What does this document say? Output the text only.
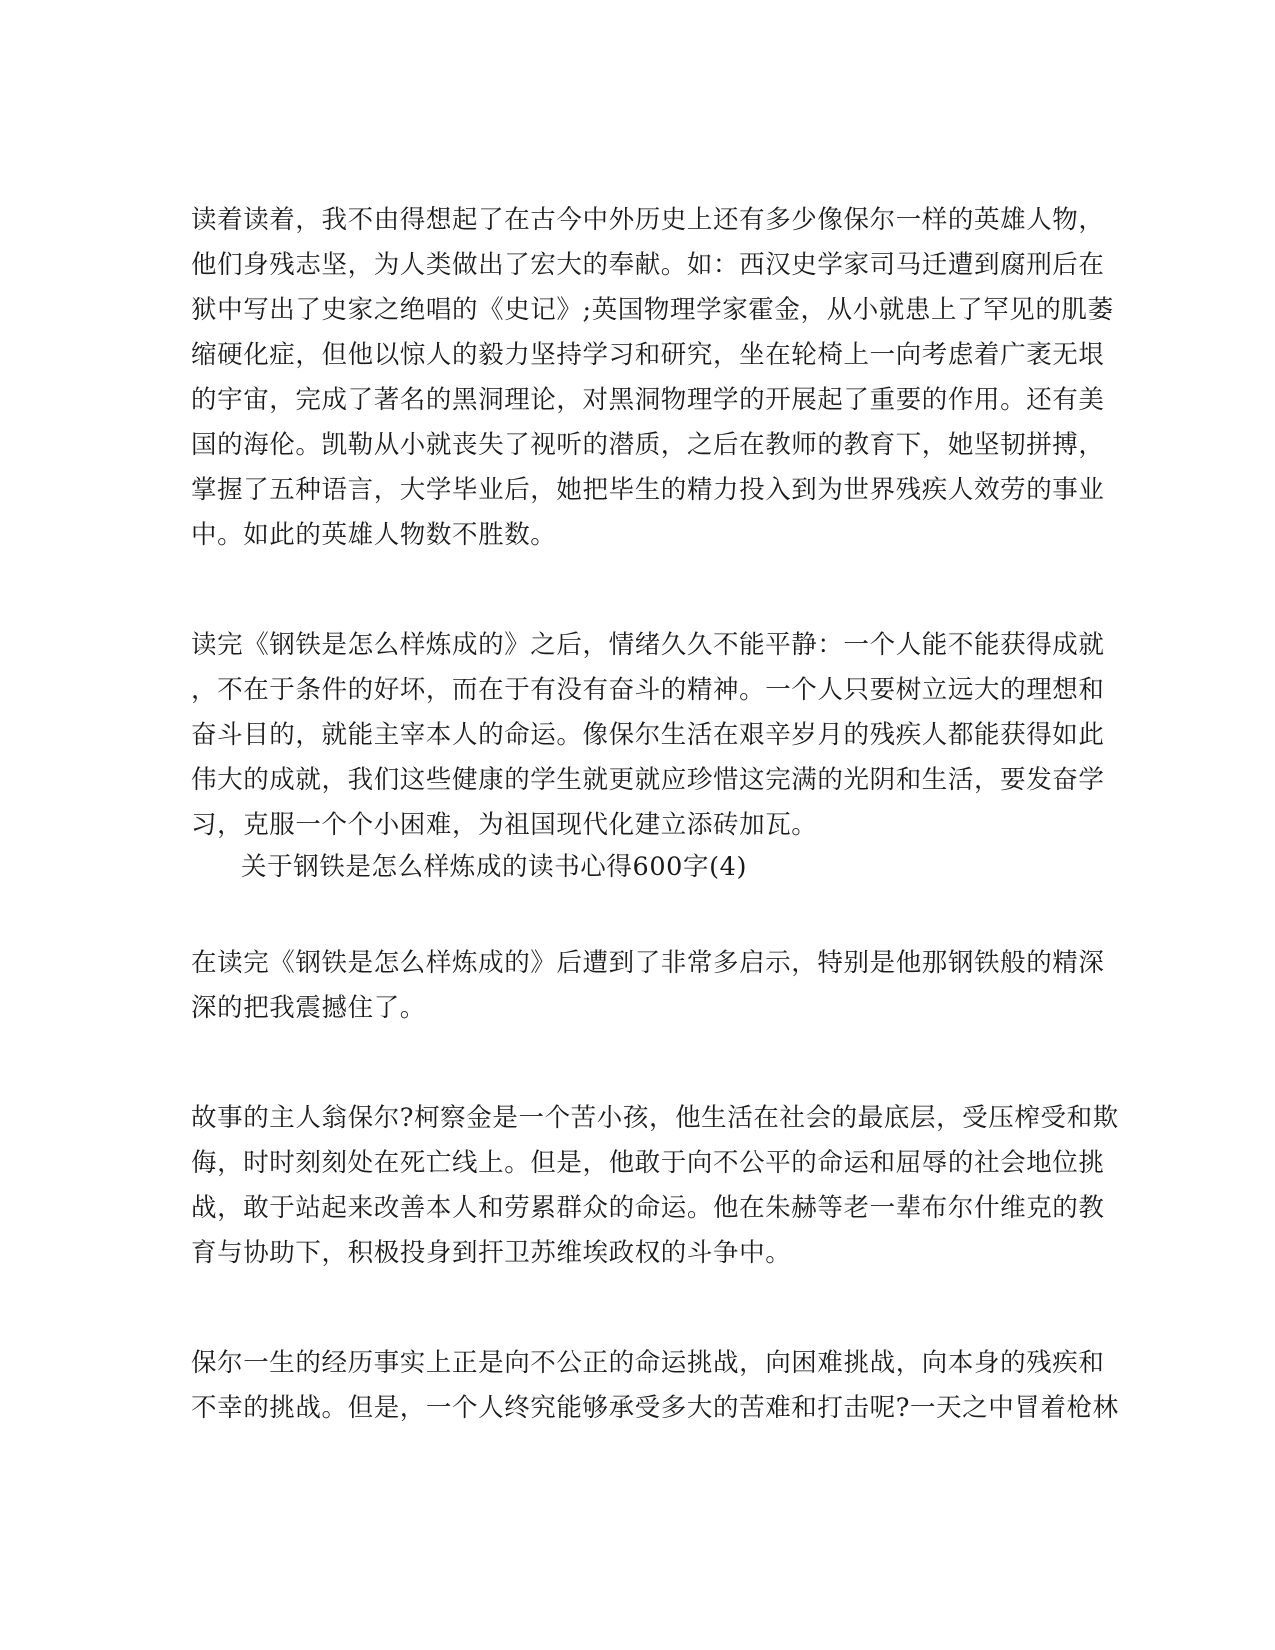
读着读着，我不由得想起了在古今中外历史上还有多少像保尔一样的英雄人物，

他们身残志坚，为人类做出了宏大的奉献。如：西汉史学家司马迁遭到腐刑后在

狱中写出了史家之绝唱的《史记》;英国物理学家霍金，从小就患上了罕见的肌萎

缩硬化症，但他以惊人的毅力坚持学习和研究，坐在轮椅上一向考虑着广袤无垠

的宇宙，完成了著名的黑洞理论，对黑洞物理学的开展起了重要的作用。还有美

国的海伦。凯勒从小就丧失了视听的潜质，之后在教师的教育下，她坚韧拼搏，

掌握了五种语言，大学毕业后，她把毕生的精力投入到为世界残疾人效劳的事业

中。如此的英雄人物数不胜数。

读完《钢铁是怎么样炼成的》之后，情绪久久不能平静：一个人能不能获得成就

，不在于条件的好坏，而在于有没有奋斗的精神。一个人只要树立远大的理想和

奋斗目的，就能主宰本人的命运。像保尔生活在艰辛岁月的残疾人都能获得如此

伟大的成就，我们这些健康的学生就更就应珍惜这完满的光阴和生活，要发奋学

习，克服一个个小困难，为祖国现代化建立添砖加瓦。

关于钢铁是怎么样炼成的读书心得600字(4)

在读完《钢铁是怎么样炼成的》后遭到了非常多启示，特别是他那钢铁般的精深

深的把我震撼住了。

故事的主人翁保尔?柯察金是一个苦小孩，他生活在社会的最底层，受压榨受和欺

侮，时时刻刻处在死亡线上。但是，他敢于向不公平的命运和屈辱的社会地位挑

战，敢于站起来改善本人和劳累群众的命运。他在朱赫等老一辈布尔什维克的教

育与协助下，积极投身到扞卫苏维埃政权的斗争中。

保尔一生的经历事实上正是向不公正的命运挑战，向困难挑战，向本身的残疾和

不幸的挑战。但是，一个人终究能够承受多大的苦难和打击呢?一天之中冒着枪林
